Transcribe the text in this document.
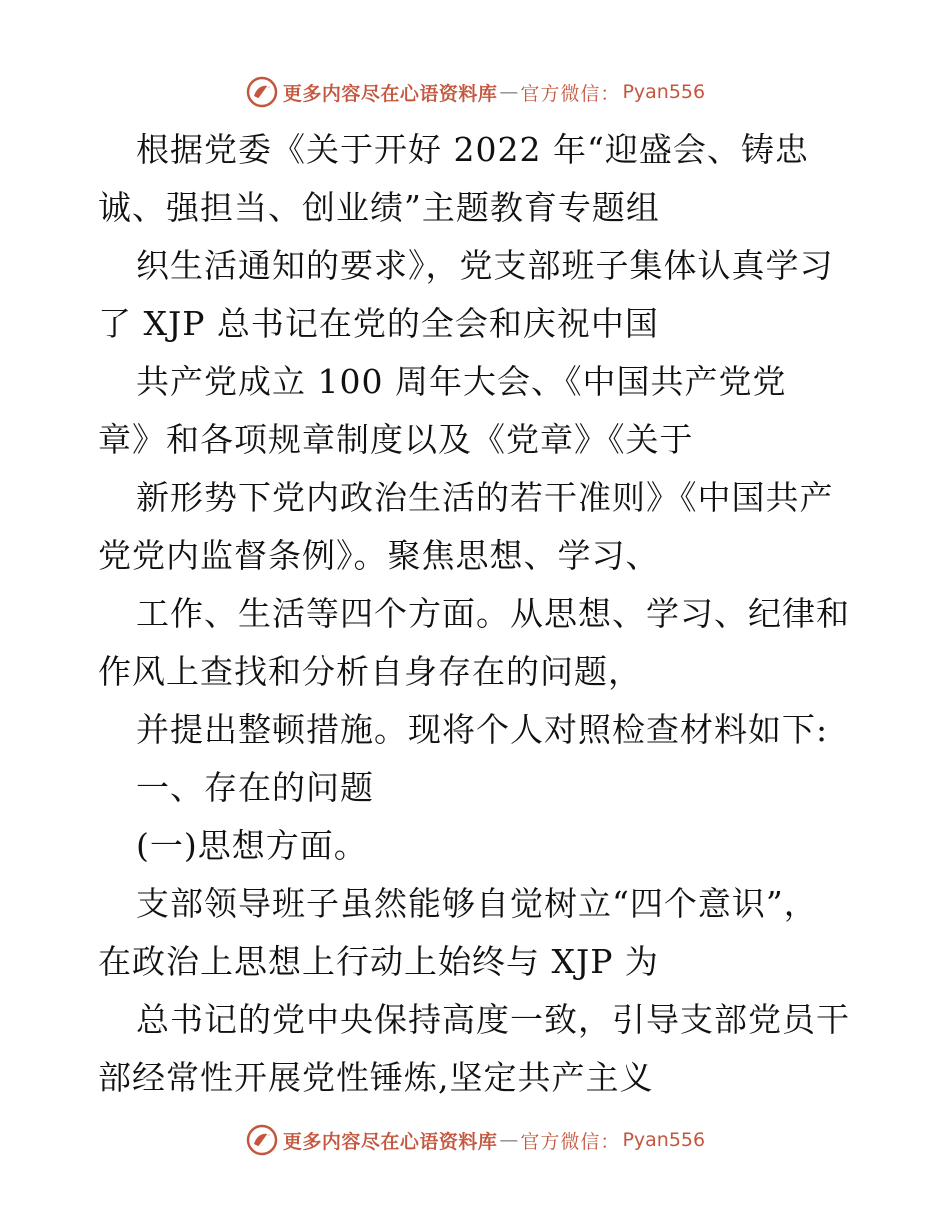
更多内容尽在心语资料库 — 官方微信： Pyan556
根据党委《关于开好 2022 年“迎盛会、铸忠
诚、强担当、创业绩”主题教育专题组
织生活通知的要求》，党支部班子集体认真学习
了 XJP 总书记在党的全会和庆祝中国
共产党成立 100 周年大会、《中国共产党党
章》和各项规章制度以及《党章》《关于
新形势下党内政治生活的若干准则》《中国共产
党党内监督条例》。聚焦思想、学习、
工作、生活等四个方面。从思想、学习、纪律和
作风上查找和分析自身存在的问题，
并提出整顿措施。现将个人对照检查材料如下:
一、存在的问题
(一)思想方面。
支部领导班子虽然能够自觉树立“四个意识”，
在政治上思想上行动上始终与 XJP 为
总书记的党中央保持高度一致，引导支部党员干
部经常性开展党性锤炼,坚定共产主义
更多内容尽在心语资料库 — 官方微信： Pyan556
